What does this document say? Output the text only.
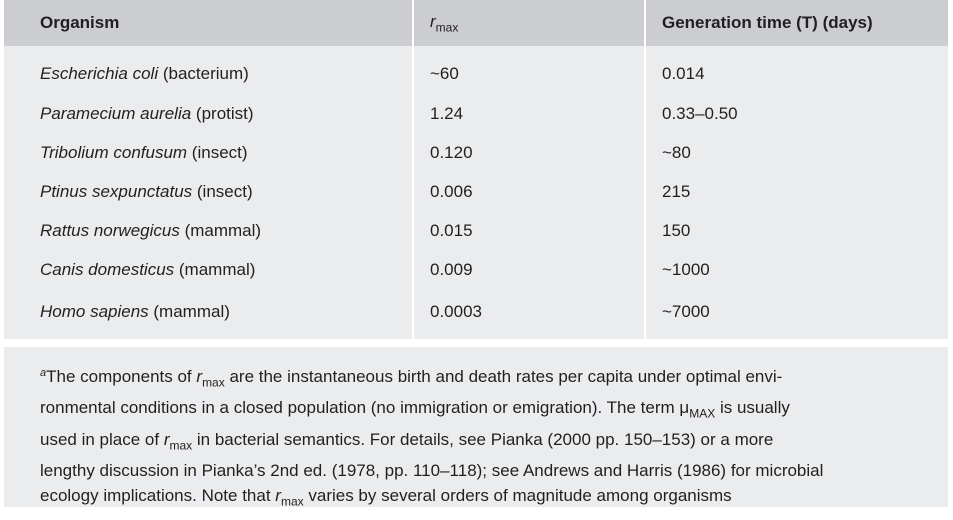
Organism	$r_{max}$	Generation time (T) (days)
Escherichia coli (bacterium)	~60	0.014
Paramecium aurelia (protist)	1.24	0.33–0.50
Tribolium confusum (insect)	0.120	~80
Ptinus sexpunctatus (insect)	0.006	215
Rattus norwegicus (mammal)	0.015	150
Canis domesticus (mammal)	0.009	~1000
Homo sapiens (mammal)	0.0003	~7000
$^a$The components of $r_{max}$ are the instantaneous birth and death rates per capita under optimal envi-
ronmental conditions in a closed population (no immigration or emigration). The term $\mu_{MAX}$ is usually
used in place of $r_{max}$ in bacterial semantics. For details, see Pianka (2000 pp. 150–153) or a more
lengthy discussion in Pianka’s 2nd ed. (1978, pp. 110–118); see Andrews and Harris (1986) for microbial
ecology implications. Note that $r_{max}$ varies by several orders of magnitude among organisms
